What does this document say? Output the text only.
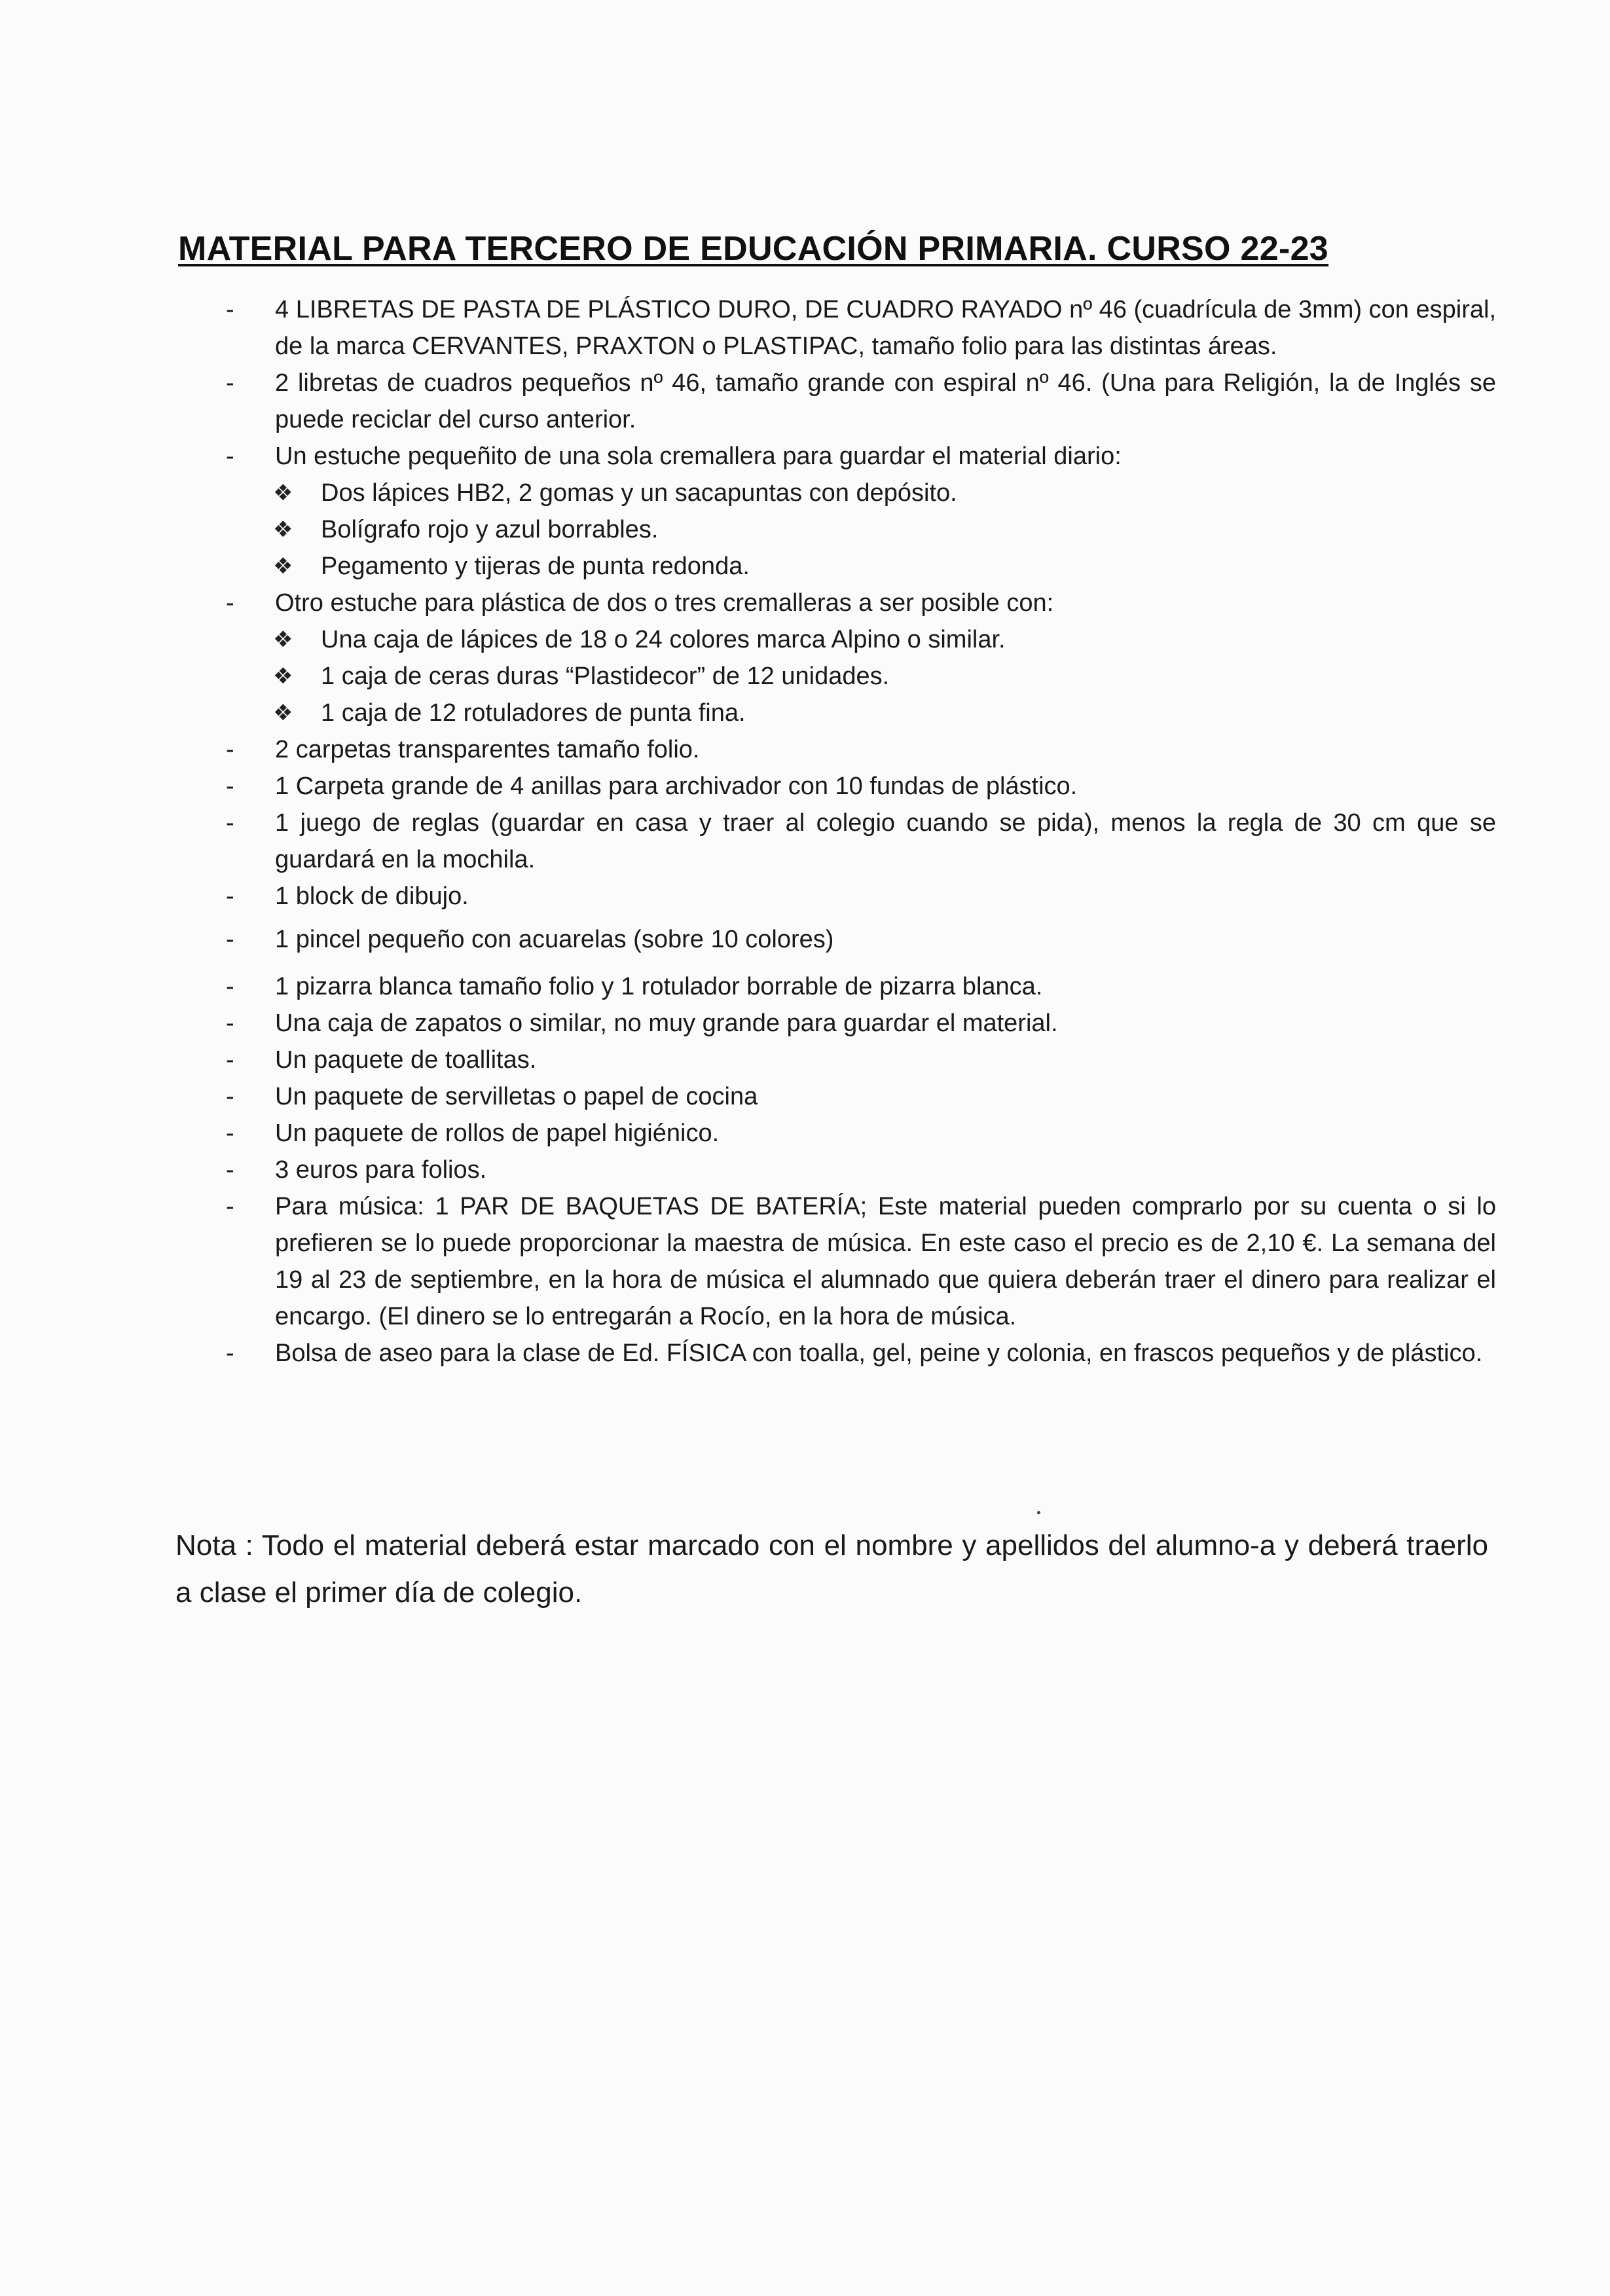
MATERIAL PARA TERCERO DE EDUCACIÓN PRIMARIA. CURSO 22-23
-	4 LIBRETAS DE PASTA DE PLÁSTICO DURO, DE CUADRO RAYADO nº 46 (cuadrícula de 3mm) con espiral, de la marca CERVANTES, PRAXTON o PLASTIPAC, tamaño folio para las distintas áreas.
-	2 libretas de cuadros pequeños nº 46, tamaño grande con espiral nº 46. (Una para Religión, la de Inglés se puede reciclar del curso anterior.
-	Un estuche pequeñito de una sola cremallera para guardar el material diario:
❖ Dos lápices HB2, 2 gomas y un sacapuntas con depósito.
❖ Bolígrafo rojo y azul borrables.
❖ Pegamento y tijeras de punta redonda.
-	Otro estuche para plástica de dos o tres cremalleras a ser posible con:
❖ Una caja de lápices de 18 o 24 colores marca Alpino o similar.
❖ 1 caja de ceras duras “Plastidecor” de 12 unidades.
❖ 1 caja de 12 rotuladores de punta fina.
-	2 carpetas transparentes tamaño folio.
-	1 Carpeta grande de 4 anillas para archivador con 10 fundas de plástico.
-	1 juego de reglas (guardar en casa y traer al colegio cuando se pida), menos la regla de 30 cm que se guardará en la mochila.
-	1 block de dibujo.
-	1 pincel pequeño con acuarelas (sobre 10 colores)
-	1 pizarra blanca tamaño folio y 1 rotulador borrable de pizarra blanca.
-	Una caja de zapatos o similar, no muy grande para guardar el material.
-	Un paquete de toallitas.
-	Un paquete de servilletas o papel de cocina
-	Un paquete de rollos de papel higiénico.
-	3 euros para folios.
-	Para música: 1 PAR DE BAQUETAS DE BATERÍA; Este material pueden comprarlo por su cuenta o si lo prefieren se lo puede proporcionar la maestra de música. En este caso el precio es de 2,10 €. La semana del 19 al 23 de septiembre, en la hora de música el alumnado que quiera deberán traer el dinero para realizar el encargo. (El dinero se lo entregarán a Rocío, en la hora de música.
-	Bolsa de aseo para la clase de Ed. FÍSICA con toalla, gel, peine y colonia, en frascos pequeños y de plástico.
Nota : Todo el material deberá estar marcado con el nombre y apellidos del alumno-a y deberá traerlo a clase el primer día de colegio.
